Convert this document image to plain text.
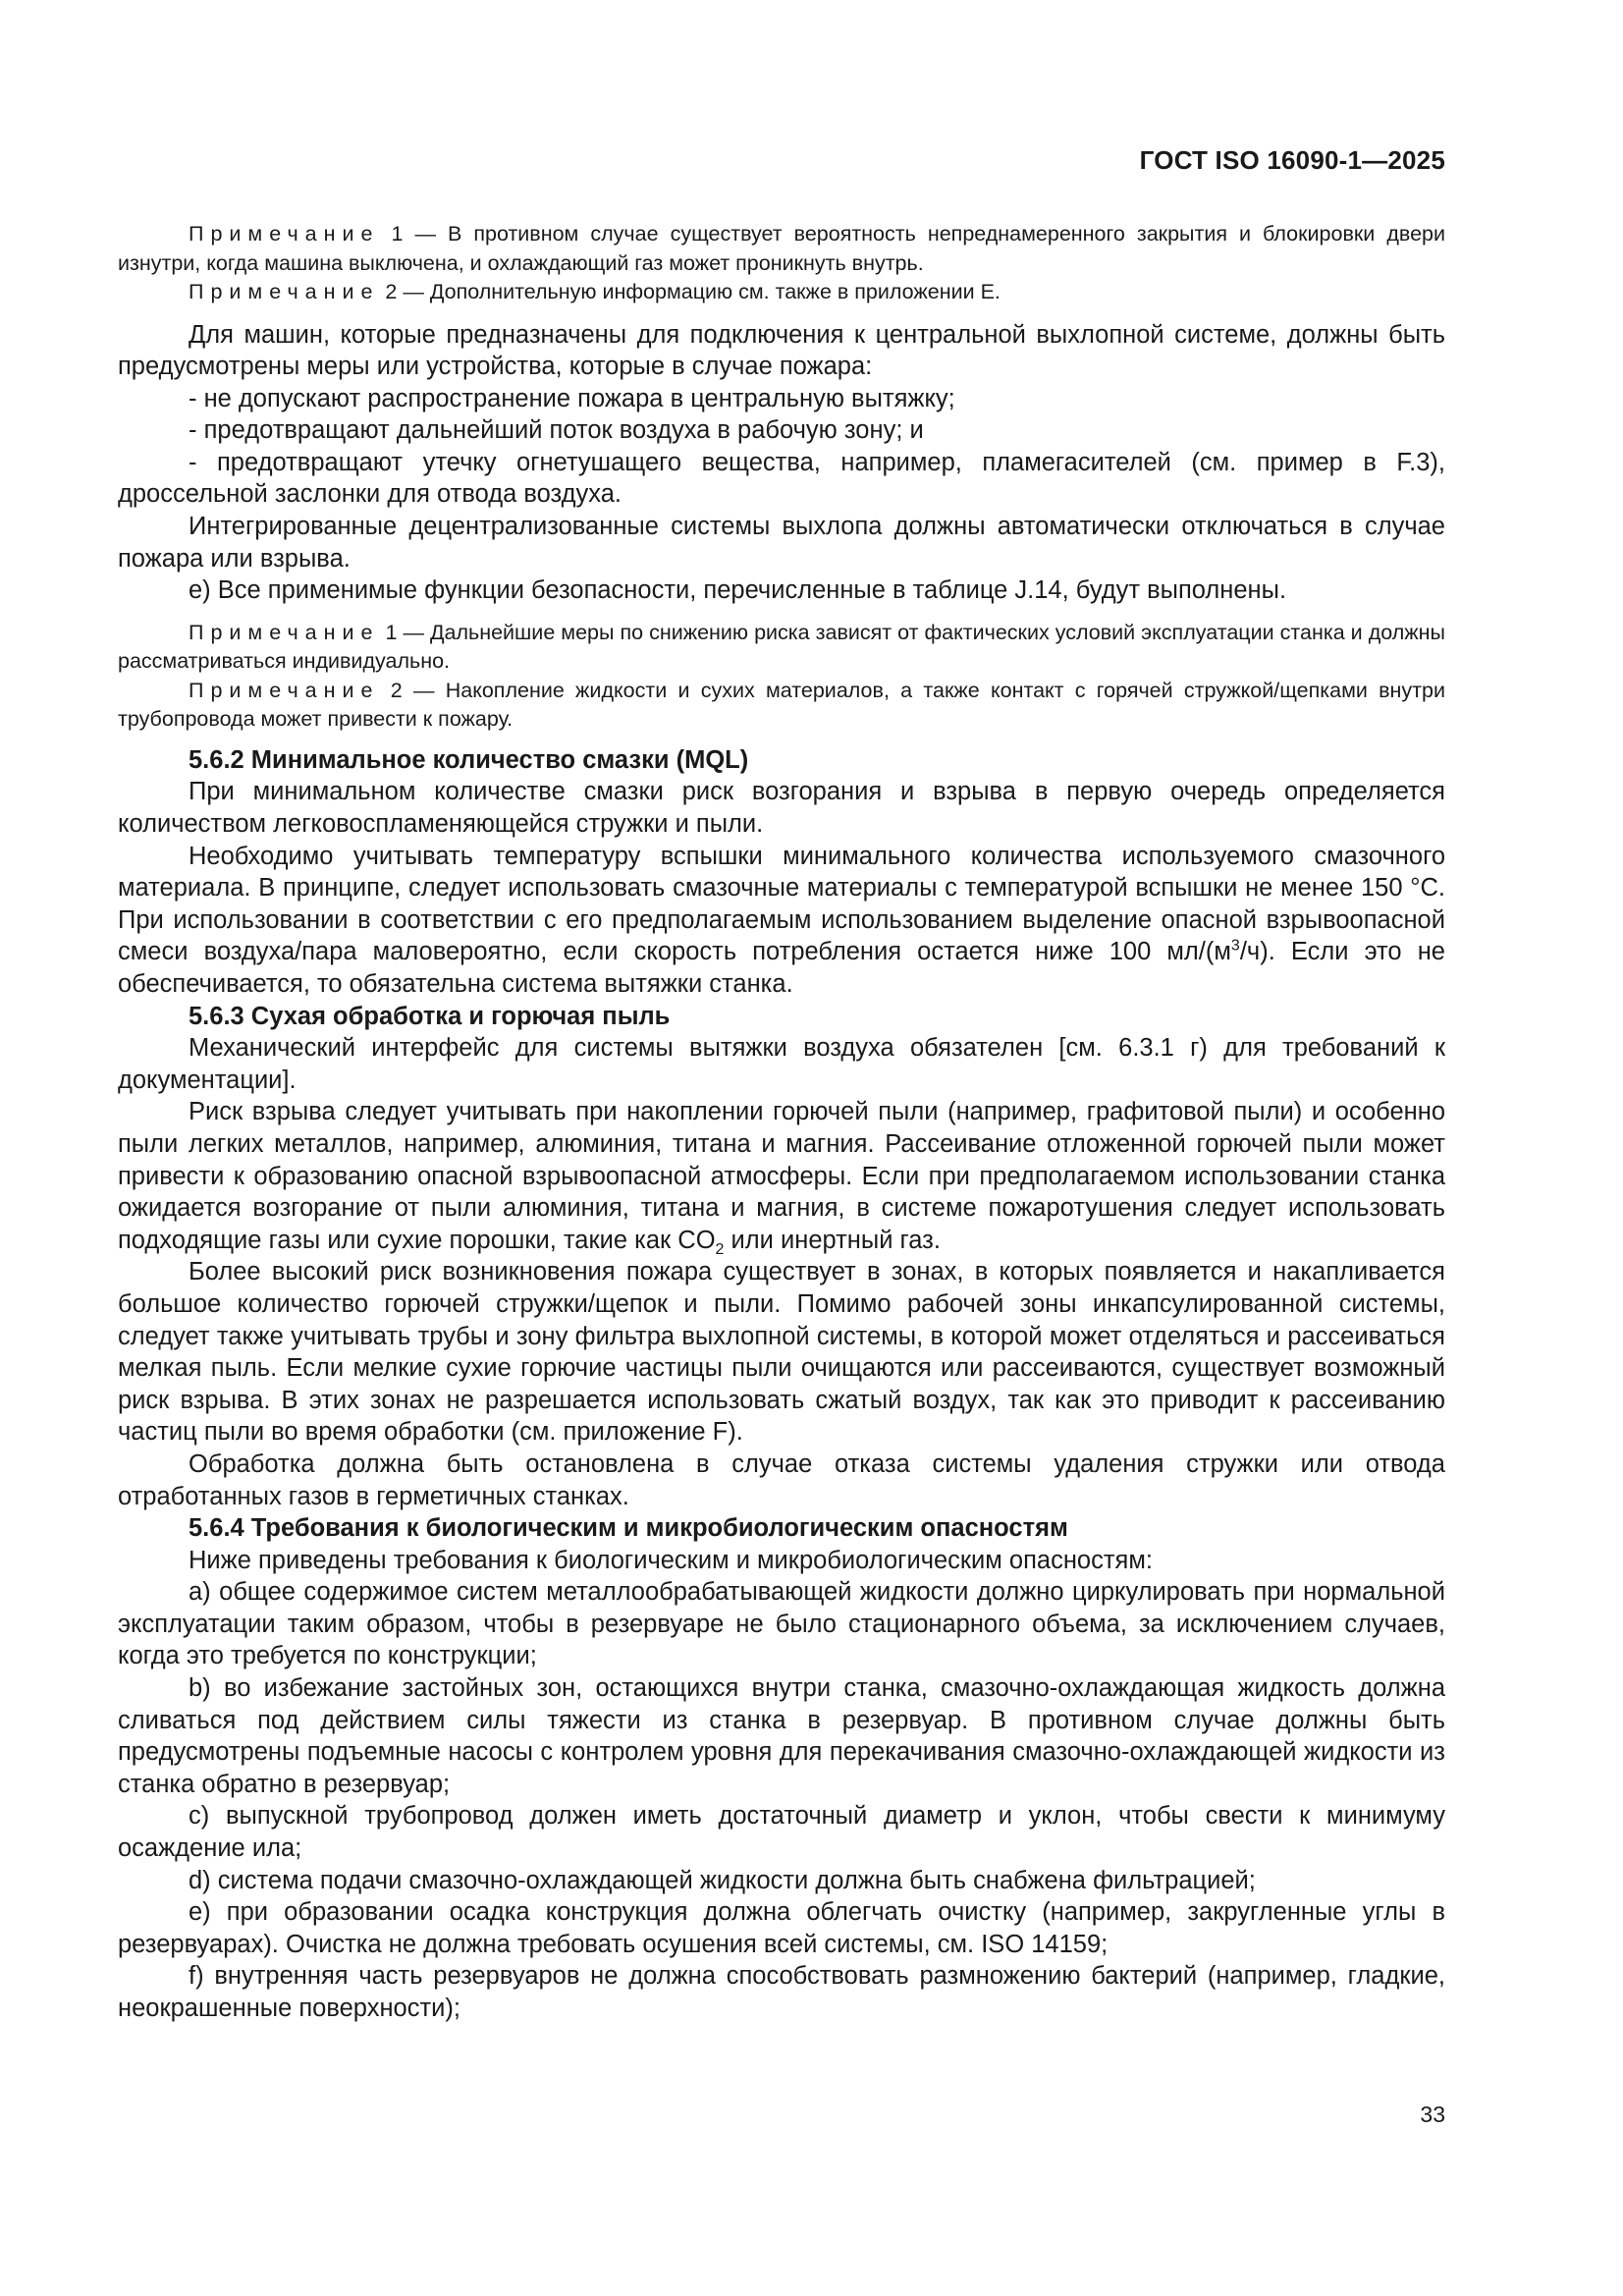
ГОСТ ISO 16090-1—2025

Примечание 1 — В противном случае существует вероятность непреднамеренного закрытия и блокировки двери изнутри, когда машина выключена, и охлаждающий газ может проникнуть внутрь.

Примечание 2 — Дополнительную информацию см. также в приложении E.

Для машин, которые предназначены для подключения к центральной выхлопной системе, должны быть предусмотрены меры или устройства, которые в случае пожара:

- не допускают распространение пожара в центральную вытяжку;

- предотвращают дальнейший поток воздуха в рабочую зону; и

- предотвращают утечку огнетушащего вещества, например, пламегасителей (см. пример в F.3), дроссельной заслонки для отвода воздуха.

Интегрированные децентрализованные системы выхлопа должны автоматически отключаться в случае пожара или взрыва.

e) Все применимые функции безопасности, перечисленные в таблице J.14, будут выполнены.

Примечание 1 — Дальнейшие меры по снижению риска зависят от фактических условий эксплуатации станка и должны рассматриваться индивидуально.

Примечание 2 — Накопление жидкости и сухих материалов, а также контакт с горячей стружкой/щепками внутри трубопровода может привести к пожару.

5.6.2 Минимальное количество смазки (MQL)

При минимальном количестве смазки риск возгорания и взрыва в первую очередь определяется количеством легковоспламеняющейся стружки и пыли.

Необходимо учитывать температуру вспышки минимального количества используемого смазочного материала. В принципе, следует использовать смазочные материалы с температурой вспышки не менее 150 °C. При использовании в соответствии с его предполагаемым использованием выделение опасной взрывоопасной смеси воздуха/пара маловероятно, если скорость потребления остается ниже 100 $мл/(м^3/ч)$. Если это не обеспечивается, то обязательна система вытяжки станка.

5.6.3 Сухая обработка и горючая пыль

Механический интерфейс для системы вытяжки воздуха обязателен [см. 6.3.1 г) для требований к документации].

Риск взрыва следует учитывать при накоплении горючей пыли (например, графитовой пыли) и особенно пыли легких металлов, например, алюминия, титана и магния. Рассеивание отложенной горючей пыли может привести к образованию опасной взрывоопасной атмосферы. Если при предполагаемом использовании станка ожидается возгорание от пыли алюминия, титана и магния, в системе пожаротушения следует использовать подходящие газы или сухие порошки, такие как $CO_2$ или инертный газ.

Более высокий риск возникновения пожара существует в зонах, в которых появляется и накапливается большое количество горючей стружки/щепок и пыли. Помимо рабочей зоны инкапсулированной системы, следует также учитывать трубы и зону фильтра выхлопной системы, в которой может отделяться и рассеиваться мелкая пыль. Если мелкие сухие горючие частицы пыли очищаются или рассеиваются, существует возможный риск взрыва. В этих зонах не разрешается использовать сжатый воздух, так как это приводит к рассеиванию частиц пыли во время обработки (см. приложение F).

Обработка должна быть остановлена в случае отказа системы удаления стружки или отвода отработанных газов в герметичных станках.

5.6.4 Требования к биологическим и микробиологическим опасностям

Ниже приведены требования к биологическим и микробиологическим опасностям:

a) общее содержимое систем металлообрабатывающей жидкости должно циркулировать при нормальной эксплуатации таким образом, чтобы в резервуаре не было стационарного объема, за исключением случаев, когда это требуется по конструкции;

b) во избежание застойных зон, остающихся внутри станка, смазочно-охлаждающая жидкость должна сливаться под действием силы тяжести из станка в резервуар. В противном случае должны быть предусмотрены подъемные насосы с контролем уровня для перекачивания смазочно-охлаждающей жидкости из станка обратно в резервуар;

c) выпускной трубопровод должен иметь достаточный диаметр и уклон, чтобы свести к минимуму осаждение ила;

d) система подачи смазочно-охлаждающей жидкости должна быть снабжена фильтрацией;

e) при образовании осадка конструкция должна облегчать очистку (например, закругленные углы в резервуарах). Очистка не должна требовать осушения всей системы, см. ISO 14159;

f) внутренняя часть резервуаров не должна способствовать размножению бактерий (например, гладкие, неокрашенные поверхности);

33
